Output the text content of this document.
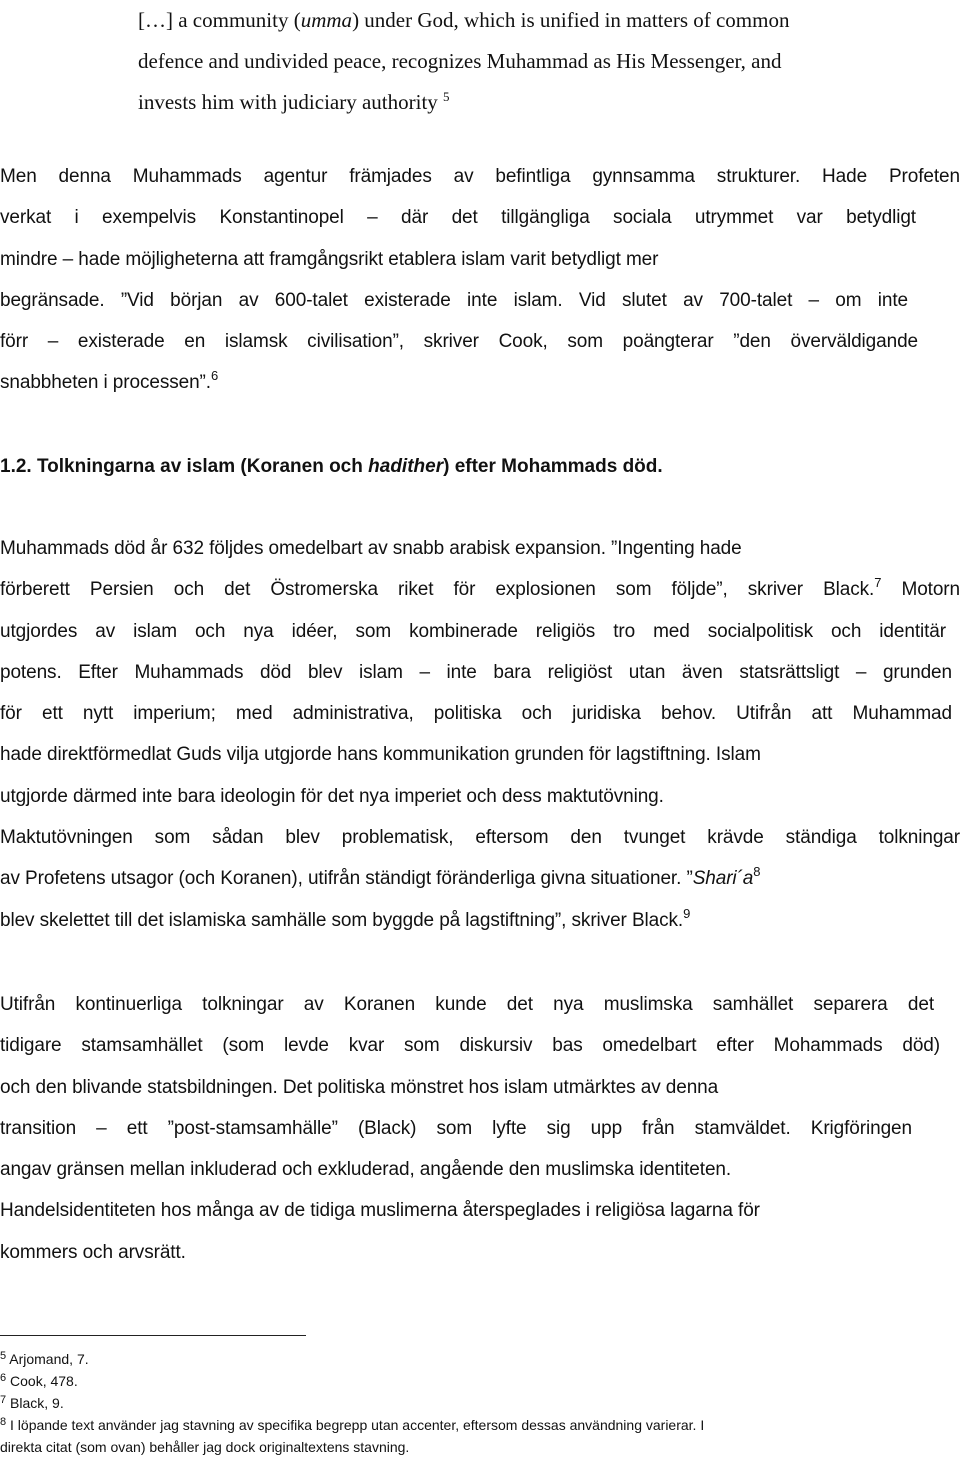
[…] a community (umma) under God, which is unified in matters of common
defence and undivided peace, recognizes Muhammad as His Messenger, and
invests him with judiciary authority $^5$
Men denna Muhammads agentur främjades av befintliga gynnsamma strukturer. Hade Profeten
verkat i exempelvis Konstantinopel – där det tillgängliga sociala utrymmet var betydligt
mindre – hade möjligheterna att framgångsrikt etablera islam varit betydligt mer
begränsade. ”Vid början av 600-talet existerade inte islam. Vid slutet av 700-talet – om inte
förr – existerade en islamsk civilisation”, skriver Cook, som poängterar ”den överväldigande
snabbheten i processen”.$^6$
1.2. Tolkningarna av islam (Koranen och hadither) efter Mohammads död.
Muhammads död år 632 följdes omedelbart av snabb arabisk expansion. ”Ingenting hade
förberett Persien och det Östromerska riket för explosionen som följde”, skriver Black.$^7$ Motorn
utgjordes av islam och nya idéer, som kombinerade religiös tro med socialpolitisk och identitär
potens. Efter Muhammads död blev islam – inte bara religiöst utan även statsrättsligt – grunden
för ett nytt imperium; med administrativa, politiska och juridiska behov. Utifrån att Muhammad
hade direktförmedlat Guds vilja utgjorde hans kommunikation grunden för lagstiftning. Islam
utgjorde därmed inte bara ideologin för det nya imperiet och dess maktutövning.
Maktutövningen som sådan blev problematisk, eftersom den tvunget krävde ständiga tolkningar
av Profetens utsagor (och Koranen), utifrån ständigt föränderliga givna situationer. $”Shari´a^8$
blev skelettet till det islamiska samhälle som byggde på lagstiftning”, skriver Black.$^9$
Utifrån kontinuerliga tolkningar av Koranen kunde det nya muslimska samhället separera det
tidigare stamsamhället (som levde kvar som diskursiv bas omedelbart efter Mohammads död)
och den blivande statsbildningen. Det politiska mönstret hos islam utmärktes av denna
transition – ett ”post-stamsamhälle” (Black) som lyfte sig upp från stamväldet. Krigföringen
angav gränsen mellan inkluderad och exkluderad, angående den muslimska identiteten.
Handelsidentiteten hos många av de tidiga muslimerna återspeglades i religiösa lagarna för
kommers och arvsrätt.
$^5$ Arjomand, 7.
$^6$ Cook, 478.
$^7$ Black, 9.
$^8$ I löpande text använder jag stavning av specifika begrepp utan accenter, eftersom dessas användning varierar. I
direkta citat (som ovan) behåller jag dock originaltextens stavning.
